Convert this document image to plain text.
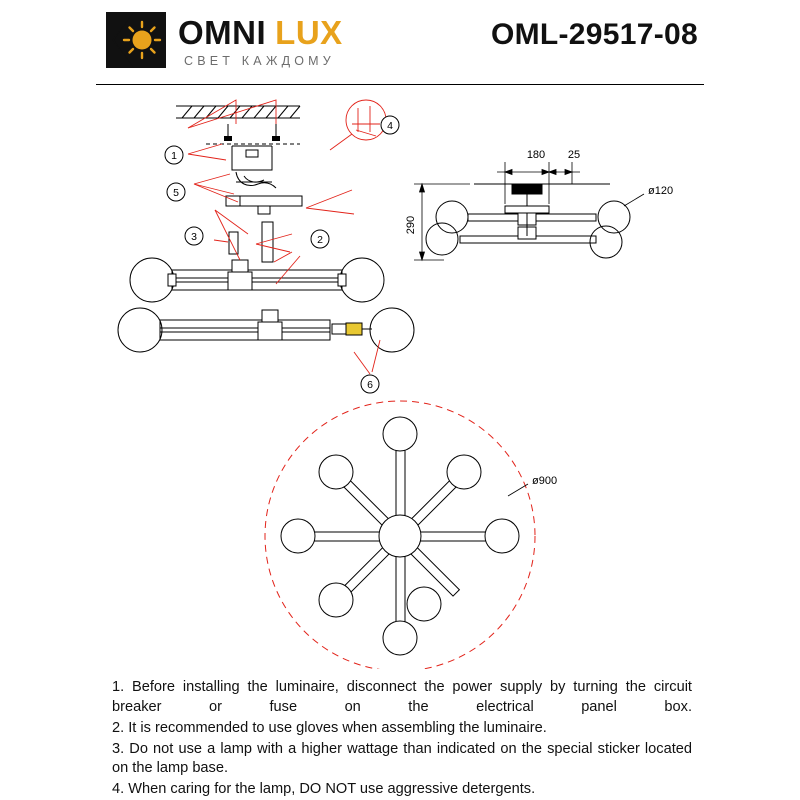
OMNI LUX
СВЕТ КАЖДОМУ
OML-29517-08
180 25
290
ø120
ø900
1
2
3
4
5
6

1. Before installing the luminaire, disconnect the power supply by turning the circuit breaker or fuse on the electrical panel box.

2. It is recommended to use gloves when assembling the luminaire.

3. Do not use a lamp with a higher wattage than indicated on the special sticker located on the lamp base.

4. When caring for the lamp, DO NOT use aggressive detergents.
